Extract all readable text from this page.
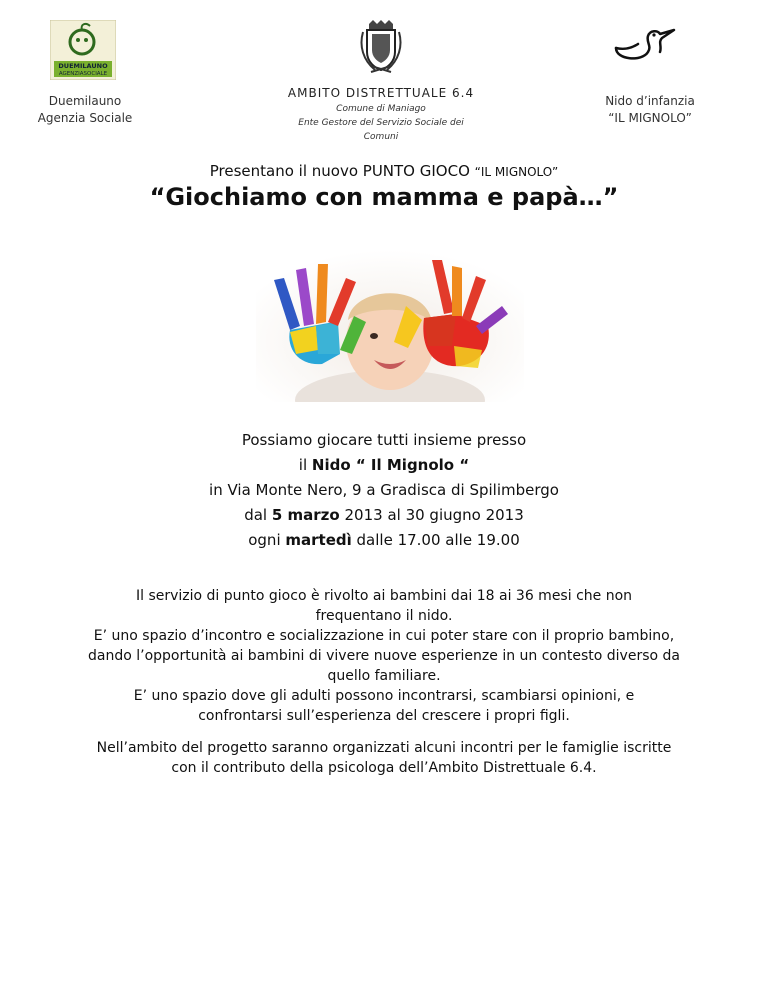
DUEMILAUNO
AGENZIASOCIALE
Duemilauno
Agenzia Sociale
AMBITO DISTRETTUALE 6.4
Comune di Maniago
Ente Gestore del Servizio Sociale dei
Comuni
Nido d’infanzia
“IL MIGNOLO”
Presentano il nuovo PUNTO GIOCO “IL MIGNOLO”
“Giochiamo con mamma e papà…”
Possiamo giocare tutti insieme presso
il Nido “ Il Mignolo “
in Via Monte Nero, 9 a Gradisca di Spilimbergo
dal 5 marzo 2013 al 30 giugno 2013
ogni martedì dalle 17.00 alle 19.00
Il servizio di punto gioco è rivolto ai bambini dai 18 ai 36 mesi che non
frequentano il nido.
E’ uno spazio d’incontro e socializzazione in cui poter stare con il proprio bambino,
dando l’opportunità ai bambini di vivere nuove esperienze in un contesto diverso da
quello familiare.
E’ uno spazio dove gli adulti possono incontrarsi, scambiarsi opinioni, e
confrontarsi sull’esperienza del crescere i propri figli.
Nell’ambito del progetto saranno organizzati alcuni incontri per le famiglie iscritte
con il contributo della psicologa dell’Ambito Distrettuale 6.4.
